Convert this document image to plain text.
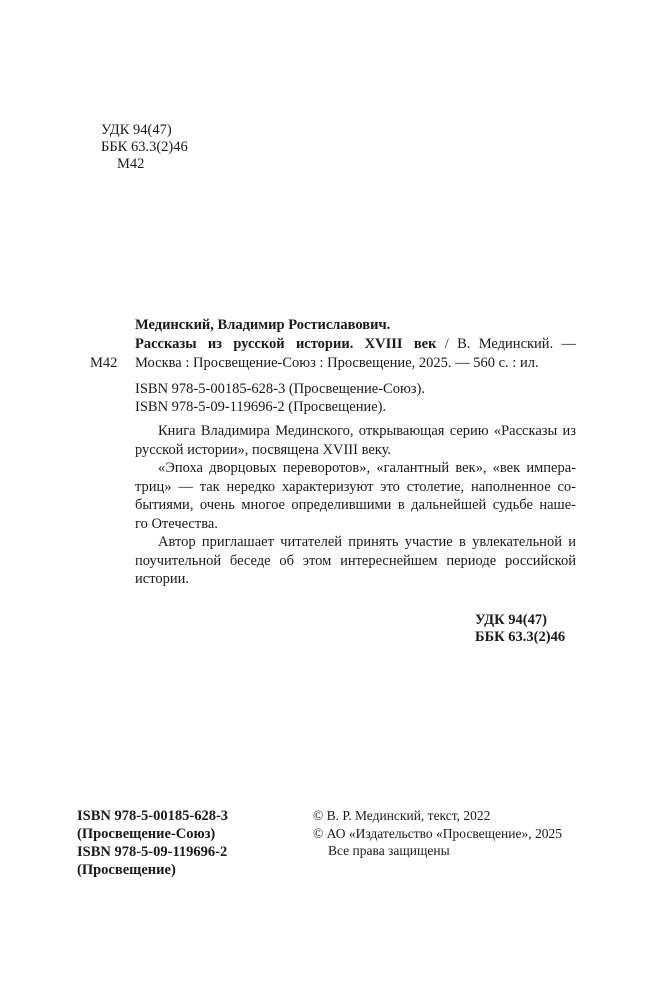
УДК 94(47)
ББК 63.3(2)46
М42
Мединский, Владимир Ростиславович.
Рассказы из русской истории. XVIII век / В. Мединский. —
М42 Москва : Просвещение-Союз : Просвещение, 2025. — 560 с. : ил.
ISBN 978-5-00185-628-3 (Просвещение-Союз).
ISBN 978-5-09-119696-2 (Просвещение).
Книга Владимира Мединского, открывающая серию «Рассказы из
русской истории», посвящена XVIII веку.
«Эпоха дворцовых переворотов», «галантный век», «век импера-
триц» — так нередко характеризуют это столетие, наполненное со-
бытиями, очень многое определившими в дальнейшей судьбе наше-
го Отечества.
Автор приглашает читателей принять участие в увлекательной и
поучительной беседе об этом интереснейшем периоде российской
истории.
УДК 94(47)
ББК 63.3(2)46
ISBN 978-5-00185-628-3
(Просвещение-Союз)
ISBN 978-5-09-119696-2
(Просвещение)
© В. Р. Мединский, текст, 2022
© АО «Издательство «Просвещение», 2025
Все права защищены
